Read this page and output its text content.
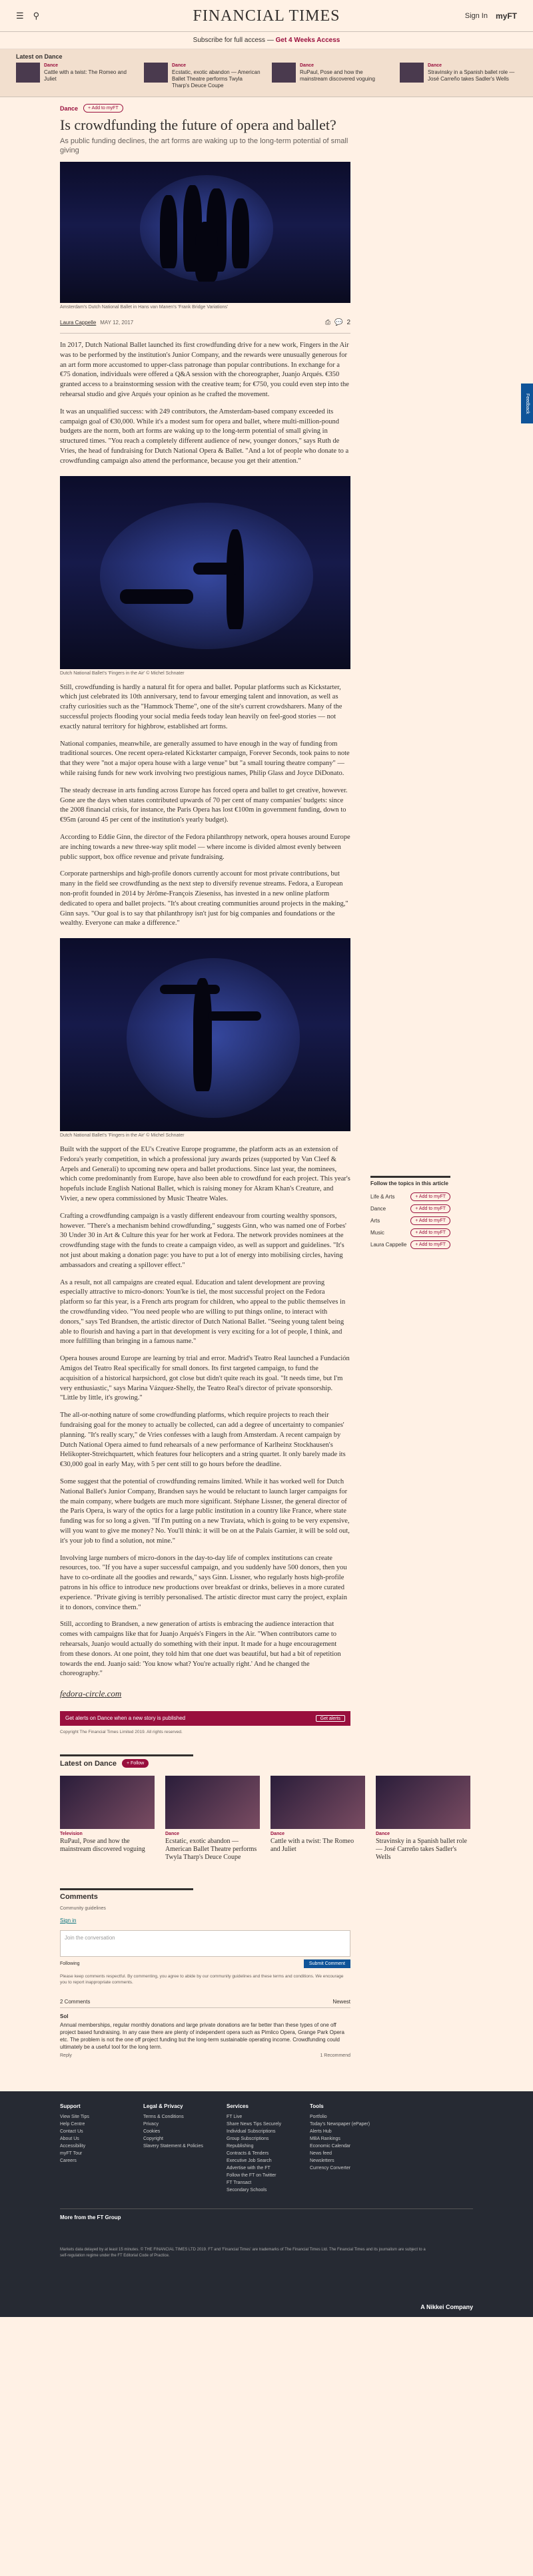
☰ ⚲	FINANCIAL TIMES	Sign In myFT
Subscribe for full access — Get 4 Weeks Access
Latest on Dance
Dance
Cattle with a twist: The Romeo and Juliet
Dance
Ecstatic, exotic abandon — American Ballet Theatre performs Twyla Tharp's Deuce Coupe
Dance
RuPaul, Pose and how the mainstream discovered voguing
Dance
Stravinsky in a Spanish ballet role — José Carreño takes Sadler's Wells
Dance	+ Add to myFT
Is crowdfunding the future of opera and ballet?
As public funding declines, the art forms are waking up to the long-term potential of small giving
Amsterdam's Dutch National Ballet in Hans van Manen's 'Frank Bridge Variations'
Laura Cappelle MAY 12, 2017	⎙ 💬 2

In 2017, Dutch National Ballet launched its first crowdfunding drive for a new work, Fingers in the Air was to be performed by the institution's Junior Company, and the rewards were unusually generous for an art form more accustomed to upper-class patronage than popular contributions. In exchange for a €75 donation, individuals were offered a Q&A session with the choreographer, Juanjo Arqués. €350 granted access to a brainstorming session with the creative team; for €750, you could even step into the rehearsal studio and give Arqués your opinion as he crafted the movement.

It was an unqualified success: with 249 contributors, the Amsterdam-based company exceeded its campaign goal of €30,000. While it's a modest sum for opera and ballet, where multi-million-pound budgets are the norm, both art forms are waking up to the long-term potential of small giving in structured times. "You reach a completely different audience of new, younger donors," says Ruth de Vries, the head of fundraising for Dutch National Opera & Ballet. "And a lot of people who donate to a crowdfunding campaign also attend the performance, because you get their attention."

Dutch National Ballet's 'Fingers in the Air' © Michel Schnater

Still, crowdfunding is hardly a natural fit for opera and ballet. Popular platforms such as Kickstarter, which just celebrated its 10th anniversary, tend to favour emerging talent and innovation, as well as crafty curiosities such as the "Hammock Theme", one of the site's current crowdsharers. Many of the successful projects flooding your social media feeds today lean heavily on feel-good stories — not exactly natural territory for highbrow, established art forms.

National companies, meanwhile, are generally assumed to have enough in the way of funding from traditional sources. One recent opera-related Kickstarter campaign, Forever Seconds, took pains to note that they were "not a major opera house with a large venue" but "a small touring theatre company" — while raising funds for new work involving two prestigious names, Philip Glass and Joyce DiDonato.

The steady decrease in arts funding across Europe has forced opera and ballet to get creative, however. Gone are the days when states contributed upwards of 70 per cent of many companies' budgets: since the 2008 financial crisis, for instance, the Paris Opera has lost €100m in government funding, down to €95m (around 45 per cent of the institution's yearly budget).

According to Eddie Ginn, the director of the Fedora philanthropy network, opera houses around Europe are inching towards a new three-way split model — where income is divided almost evenly between public support, box office revenue and private fundraising.

Corporate partnerships and high-profile donors currently account for most private contributions, but many in the field see crowdfunding as the next step to diversify revenue streams. Fedora, a European non-profit founded in 2014 by Jérôme-François Zieseniss, has invested in a new online platform dedicated to opera and ballet projects. "It's about creating communities around projects in the making," Ginn says. "Our goal is to say that philanthropy isn't just for big companies and foundations or the wealthy. Everyone can make a difference."

Dutch National Ballet's 'Fingers in the Air' © Michel Schnater

Built with the support of the EU's Creative Europe programme, the platform acts as an extension of Fedora's yearly competition, in which a professional jury awards prizes (supported by Van Cleef & Arpels and Generali) to upcoming new opera and ballet productions. Since last year, the nominees, which come predominantly from Europe, have also been able to crowdfund for each project. This year's hopefuls include English National Ballet, which is raising money for Akram Khan's Creature, and Vivier, a new opera commissioned by Music Theatre Wales.

Crafting a crowdfunding campaign is a vastly different endeavour from courting wealthy sponsors, however. "There's a mechanism behind crowdfunding," suggests Ginn, who was named one of Forbes' 30 Under 30 in Art & Culture this year for her work at Fedora. The network provides nominees at the crowdfunding stage with the funds to create a campaign video, as well as support and guidelines. "It's not just about making a donation page: you have to put a lot of energy into mobilising circles, having ambassadors and creating a spillover effect."

As a result, not all campaigns are created equal. Education and talent development are proving especially attractive to micro-donors: Youn'ke is tiel, the most successful project on the Fedora platform so far this year, is a French arts program for children, who appeal to the public themselves in the crowdfunding video. "You need people who are willing to put things online, to interact with donors," says Ted Brandsen, the artistic director of Dutch National Ballet. "Seeing young talent being able to flourish and having a part in that development is very exciting for a lot of people, I think, and more fulfilling than bringing in a famous name."

Opera houses around Europe are learning by trial and error. Madrid's Teatro Real launched a Fundación Amigos del Teatro Real specifically for small donors. Its first targeted campaign, to fund the acquisition of a historical harpsichord, got close but didn't quite reach its goal. "It needs time, but I'm very enthusiastic," says Marina Vázquez-Shelly, the Teatro Real's director of private sponsorship. "Little by little, it's growing."

The all-or-nothing nature of some crowdfunding platforms, which require projects to reach their fundraising goal for the money to actually be collected, can add a degree of uncertainty to companies' planning. "It's really scary," de Vries confesses with a laugh from Amsterdam. A recent campaign by Dutch National Opera aimed to fund rehearsals of a new performance of Karlheinz Stockhausen's Helikopter-Streichquartett, which features four helicopters and a string quartet. It only barely made its €30,000 goal in early May, with 5 per cent still to go hours before the deadline.

Some suggest that the potential of crowdfunding remains limited. While it has worked well for Dutch National Ballet's Junior Company, Brandsen says he would be reluctant to launch larger campaigns for the main company, where budgets are much more significant. Stéphane Lissner, the general director of the Paris Opera, is wary of the optics for a large public institution in a country like France, where state funding was for so long a given. "If I'm putting on a new Traviata, which is going to be very expensive, will you want to give me money? No. You'll think: it will be on at the Palais Garnier, it will be sold out, it's your job to find a solution, not mine."

Involving large numbers of micro-donors in the day-to-day life of complex institutions can create resources, too. "If you have a super successful campaign, and you suddenly have 500 donors, then you have to co-ordinate all the goodies and rewards," says Ginn. Lissner, who regularly hosts high-profile patrons in his office to introduce new productions over breakfast or drinks, believes in a more curated experience. "Private giving is terribly personalised. The artistic director must carry the project, explain it to donors, convince them."

Still, according to Brandsen, a new generation of artists is embracing the audience interaction that comes with campaigns like that for Juanjo Arqués's Fingers in the Air. "When contributors came to rehearsals, Juanjo would actually do something with their input. It made for a huge encouragement from these donors. At one point, they told him that one duet was beautiful, but had a bit of repetition towards the end. Juanjo said: 'You know what? You're actually right.' And he changed the choreography."

fedora-circle.com

Get alerts on Dance when a new story is published	Get alerts
Copyright The Financial Times Limited 2019. All rights reserved.
Follow the topics in this article
Life & Arts	+ Add to myFT
Dance	+ Add to myFT
Arts	+ Add to myFT
Music	+ Add to myFT
Laura Cappelle	+ Add to myFT
Feedback
Latest on Dance	+ Follow
Television
RuPaul, Pose and how the mainstream discovered voguing
Dance
Ecstatic, exotic abandon — American Ballet Theatre performs Twyla Tharp's Deuce Coupe
Dance
Cattle with a twist: The Romeo and Juliet
Dance
Stravinsky in a Spanish ballet role — José Carreño takes Sadler's Wells
Comments
Community guidelines
Sign in
Join the conversation
Following	Submit Comment
Please keep comments respectful. By commenting, you agree to abide by our community guidelines and these terms and conditions. We encourage you to report inappropriate comments.
2 Comments	Newest
Sol
Annual memberships, regular monthly donations and large private donations are far better than these types of one off project based fundraising. In any case there are plenty of independent opera such as Pimlico Opera, Grange Park Opera etc. The problem is not the one off project funding but the long-term sustainable operating income. Crowdfunding could ultimately be a useful tool for the long term.
Reply	1 Recommend
Support
View Site Tips
Help Centre
Contact Us
About Us
Accessibility
myFT Tour
Careers
Legal & Privacy
Terms & Conditions
Privacy
Cookies
Copyright
Slavery Statement & Policies
Services
FT Live
Share News Tips Securely
Individual Subscriptions
Group Subscriptions
Republishing
Contracts & Tenders
Executive Job Search
Advertise with the FT
Follow the FT on Twitter
FT Transact
Secondary Schools
Tools
Portfolio
Today's Newspaper (ePaper)
Alerts Hub
MBA Rankings
Economic Calendar
News feed
Newsletters
Currency Converter
More from the FT Group
Markets data delayed by at least 15 minutes. © THE FINANCIAL TIMES LTD 2019. FT and 'Financial Times' are trademarks of The Financial Times Ltd. The Financial Times and its journalism are subject to a self-regulation regime under the FT Editorial Code of Practice.
A Nikkei Company
